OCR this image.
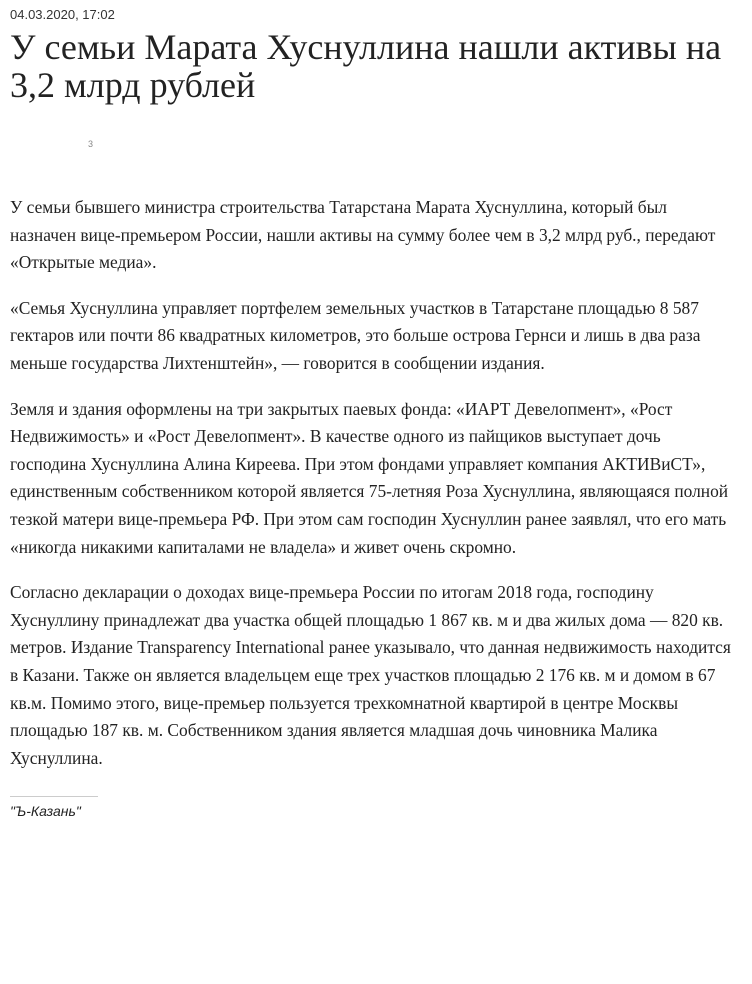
04.03.2020, 17:02
У семьи Марата Хуснуллина нашли активы на 3,2 млрд рублей
3

У семьи бывшего министра строительства Татарстана Марата Хуснуллина, который был назначен вице-премьером России, нашли активы на сумму более чем в 3,2 млрд руб., передают «Открытые медиа».

«Семья Хуснуллина управляет портфелем земельных участков в Татарстане площадью 8 587 гектаров или почти 86 квадратных километров, это больше острова Гернси и лишь в два раза меньше государства Лихтенштейн», — говорится в сообщении издания.

Земля и здания оформлены на три закрытых паевых фонда: «ИАРТ Девелопмент», «Рост Недвижимость» и «Рост Девелопмент». В качестве одного из пайщиков выступает дочь господина Хуснуллина Алина Киреева. При этом фондами управляет компания АКТИВиСТ», единственным собственником которой является 75-летняя Роза Хуснуллина, являющаяся полной тезкой матери вице-премьера РФ. При этом сам господин Хуснуллин ранее заявлял, что его мать «никогда никакими капиталами не владела» и живет очень скромно.

Согласно декларации о доходах вице-премьера России по итогам 2018 года, господину Хуснуллину принадлежат два участка общей площадью 1 867 кв. м и два жилых дома — 820 кв. метров. Издание Transparency International ранее указывало, что данная недвижимость находится в Казани. Также он является владельцем еще трех участков площадью 2 176 кв. м и домом в 67 кв.м. Помимо этого, вице-премьер пользуется трехкомнатной квартирой в центре Москвы площадью 187 кв. м. Собственником здания является младшая дочь чиновника Малика Хуснуллина.

"Ъ-Казань"
